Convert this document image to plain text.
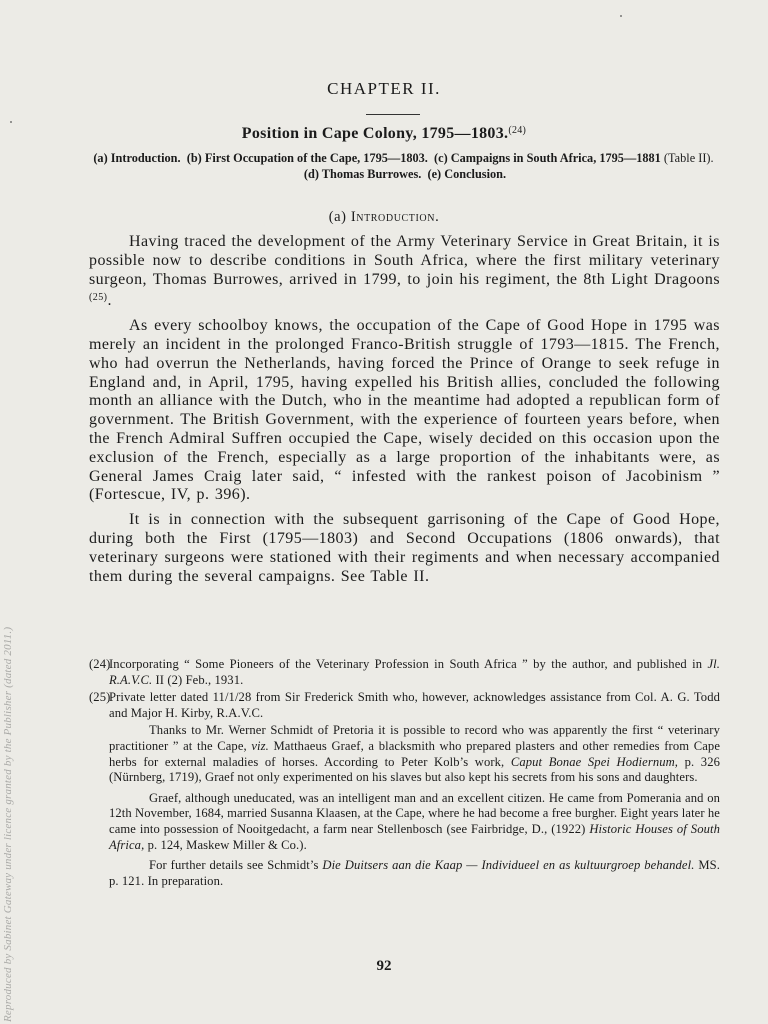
Reproduced by Sabinet Gateway under licence granted by the Publisher (dated 2011.)
CHAPTER II.
Position in Cape Colony, 1795—1803.$^{(24)}$
(a) Introduction. (b) First Occupation of the Cape, 1795—1803. (c) Campaigns in South Africa, 1795—1881 (Table II).  (d) Thomas Burrowes. (e) Conclusion.
(a) Introduction.

Having traced the development of the Army Veterinary Service in Great Britain, it is possible now to describe conditions in South Africa, where the first military veterinary surgeon, Thomas Burrowes, arrived in 1799, to join his regiment, the 8th Light Dragoons $^{(25)}$.

As every schoolboy knows, the occupation of the Cape of Good Hope in 1795 was merely an incident in the prolonged Franco-British struggle of 1793—1815. The French, who had overrun the Netherlands, having forced the Prince of Orange to seek refuge in England and, in April, 1795, having expelled his British allies, concluded the following month an alliance with the Dutch, who in the meantime had adopted a republican form of government. The British Government, with the experience of fourteen years before, when the French Admiral Suffren occupied the Cape, wisely decided on this occasion upon the exclusion of the French, especially as a large proportion of the inhabitants were, as General James Craig later said, “ infested with the rankest poison of Jacobinism ” (Fortescue, IV, p. 396).

It is in connection with the subsequent garrisoning of the Cape of Good Hope, during both the First (1795—1803) and Second Occupations (1806 onwards), that veterinary surgeons were stationed with their regiments and when necessary accompanied them during the several campaigns. See Table II.

(24)
Incorporating “ Some Pioneers of the Veterinary Profession in South Africa ” by the author, and published in Jl. R.A.V.C. II (2) Feb., 1931.
(25)
Private letter dated 11/1/28 from Sir Frederick Smith who, however, acknowledges assistance from Col. A. G. Todd and Major H. Kirby, R.A.V.C.
Thanks to Mr. Werner Schmidt of Pretoria it is possible to record who was apparently the first “ veterinary practitioner ” at the Cape, viz. Matthaeus Graef, a blacksmith who prepared plasters and other remedies from Cape herbs for external maladies of horses. According to Peter Kolb’s work, Caput Bonae Spei Hodiernum, p. 326 (Nürnberg, 1719), Graef not only experimented on his slaves but also kept his secrets from his sons and daughters.
Graef, although uneducated, was an intelligent man and an excellent citizen. He came from Pomerania and on 12th November, 1684, married Susanna Klaasen, at the Cape, where he had become a free burgher. Eight years later he came into possession of Nooitgedacht, a farm near Stellenbosch (see Fairbridge, D., (1922) Historic Houses of South Africa, p. 124, Maskew Miller & Co.).
For further details see Schmidt’s Die Duitsers aan die Kaap — Individueel en as kultuurgroep behandel. MS. p. 121. In preparation.
92
